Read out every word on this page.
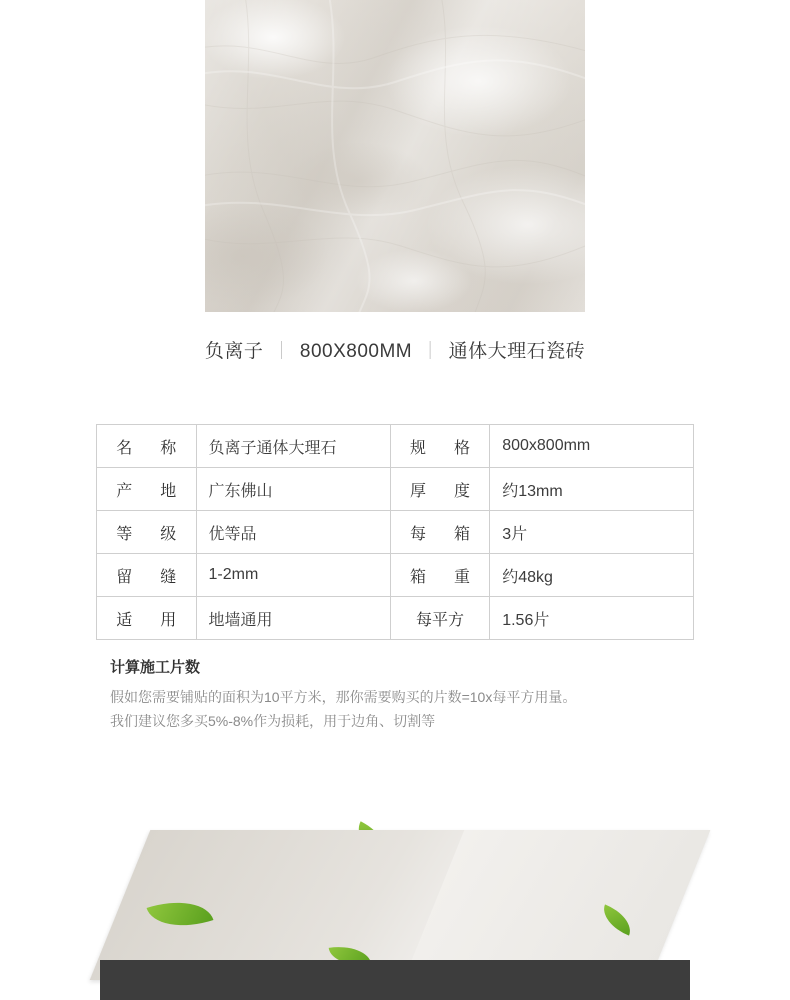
负离子 ｜ 800X800MM ｜ 通体大理石瓷砖
名　称	负离子通体大理石	规　格	800x800mm
产　地	广东佛山	厚　度	约13mm
等　级	优等品	每　箱	3片
留　缝	1-2mm	箱　重	约48kg
适　用	地墙通用	每平方	1.56片
计算施工片数

假如您需要铺贴的面积为10平方米，那你需要购买的片数=10x每平方用量。

我们建议您多买5%-8%作为损耗，用于边角、切割等
